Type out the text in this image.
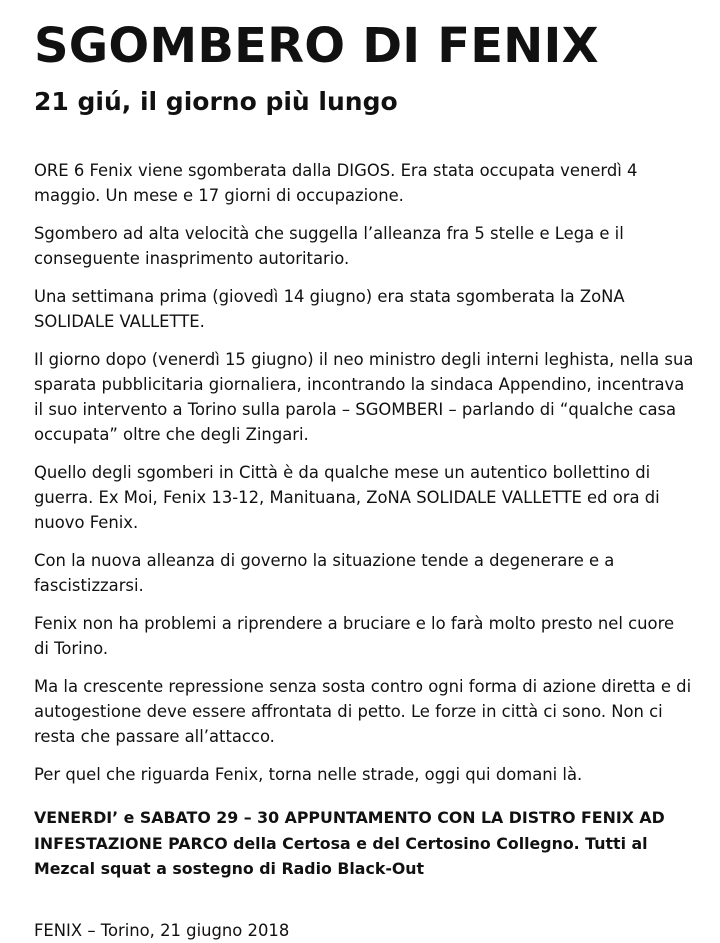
SGOMBERO DI FENIX
21 giú, il giorno più lungo

ORE 6 Fenix viene sgomberata dalla DIGOS. Era stata occupata venerdì 4 maggio. Un mese e 17 giorni di occupazione.

Sgombero ad alta velocità che suggella l’alleanza fra 5 stelle e Lega e il conseguente inasprimento autoritario.

Una settimana prima (giovedì 14 giugno) era stata sgomberata la ZoNA SOLIDALE VALLETTE.

Il giorno dopo (venerdì 15 giugno) il neo ministro degli interni leghista, nella sua sparata pubblicitaria giornaliera, incontrando la sindaca Appendino, incentrava il suo intervento a Torino sulla parola – SGOMBERI – parlando di “qualche casa occupata” oltre che degli Zingari.

Quello degli sgomberi in Città è da qualche mese un autentico bollettino di guerra. Ex Moi, Fenix 13-12, Manituana, ZoNA SOLIDALE VALLETTE ed ora di nuovo Fenix.

Con la nuova alleanza di governo la situazione tende a degenerare e a fascistizzarsi.

Fenix non ha problemi a riprendere a bruciare e lo farà molto presto nel cuore di Torino.

Ma la crescente repressione senza sosta contro ogni forma di azione diretta e di autogestione deve essere affrontata di petto. Le forze in città ci sono. Non ci resta che passare all’attacco.

Per quel che riguarda Fenix, torna nelle strade, oggi qui domani là.

VENERDI’ e SABATO 29 – 30 APPUNTAMENTO CON LA DISTRO FENIX AD INFESTAZIONE PARCO della Certosa e del Certosino Collegno. Tutti al Mezcal squat a sostegno di Radio Black-Out

FENIX – Torino, 21 giugno 2018
